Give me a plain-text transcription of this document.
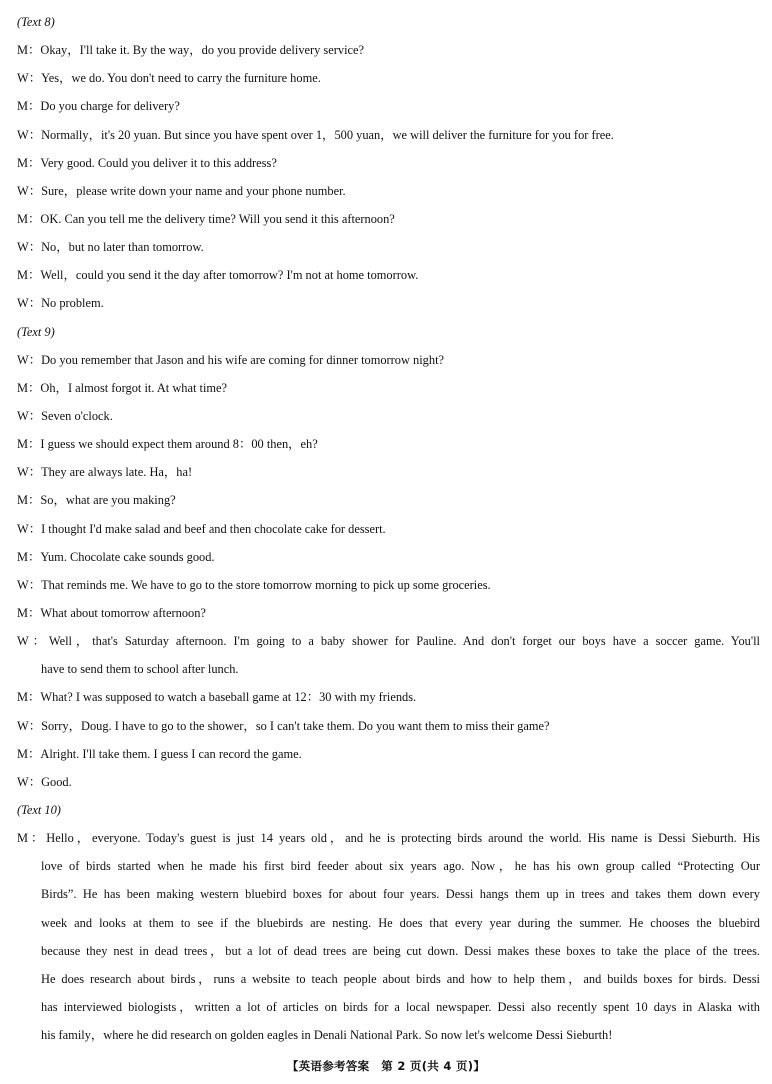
(Text 8)
M：Okay，I'll take it. By the way，do you provide delivery service?
W：Yes，we do. You don't need to carry the furniture home.
M：Do you charge for delivery?
W：Normally，it's 20 yuan. But since you have spent over 1，500 yuan，we will deliver the furniture for you for free.
M：Very good. Could you deliver it to this address?
W：Sure，please write down your name and your phone number.
M：OK. Can you tell me the delivery time? Will you send it this afternoon?
W：No，but no later than tomorrow.
M：Well，could you send it the day after tomorrow? I'm not at home tomorrow.
W：No problem.
(Text 9)
W：Do you remember that Jason and his wife are coming for dinner tomorrow night?
M：Oh，I almost forgot it. At what time?
W：Seven o'clock.
M：I guess we should expect them around 8：00 then，eh?
W：They are always late. Ha，ha!
M：So，what are you making?
W：I thought I'd make salad and beef and then chocolate cake for dessert.
M：Yum. Chocolate cake sounds good.
W：That reminds me. We have to go to the store tomorrow morning to pick up some groceries.
M：What about tomorrow afternoon?
W：Well，that's Saturday afternoon. I'm going to a baby shower for Pauline. And don't forget our boys have a soccer game. You'll
have to send them to school after lunch.
M：What? I was supposed to watch a baseball game at 12：30 with my friends.
W：Sorry，Doug. I have to go to the shower，so I can't take them. Do you want them to miss their game?
M：Alright. I'll take them. I guess I can record the game.
W：Good.
(Text 10)
M：Hello，everyone. Today's guest is just 14 years old，and he is protecting birds around the world. His name is Dessi Sieburth. His
love of birds started when he made his first bird feeder about six years ago. Now，he has his own group called “Protecting Our
Birds”. He has been making western bluebird boxes for about four years. Dessi hangs them up in trees and takes them down every
week and looks at them to see if the bluebirds are nesting. He does that every year during the summer. He chooses the bluebird
because they nest in dead trees，but a lot of dead trees are being cut down. Dessi makes these boxes to take the place of the trees.
He does research about birds，runs a website to teach people about birds and how to help them，and builds boxes for birds. Dessi
has interviewed biologists，written a lot of articles on birds for a local newspaper. Dessi also recently spent 10 days in Alaska with
his family，where he did research on golden eagles in Denali National Park. So now let's welcome Dessi Sieburth!
【英语参考答案　第 2 页(共 4 页)】
